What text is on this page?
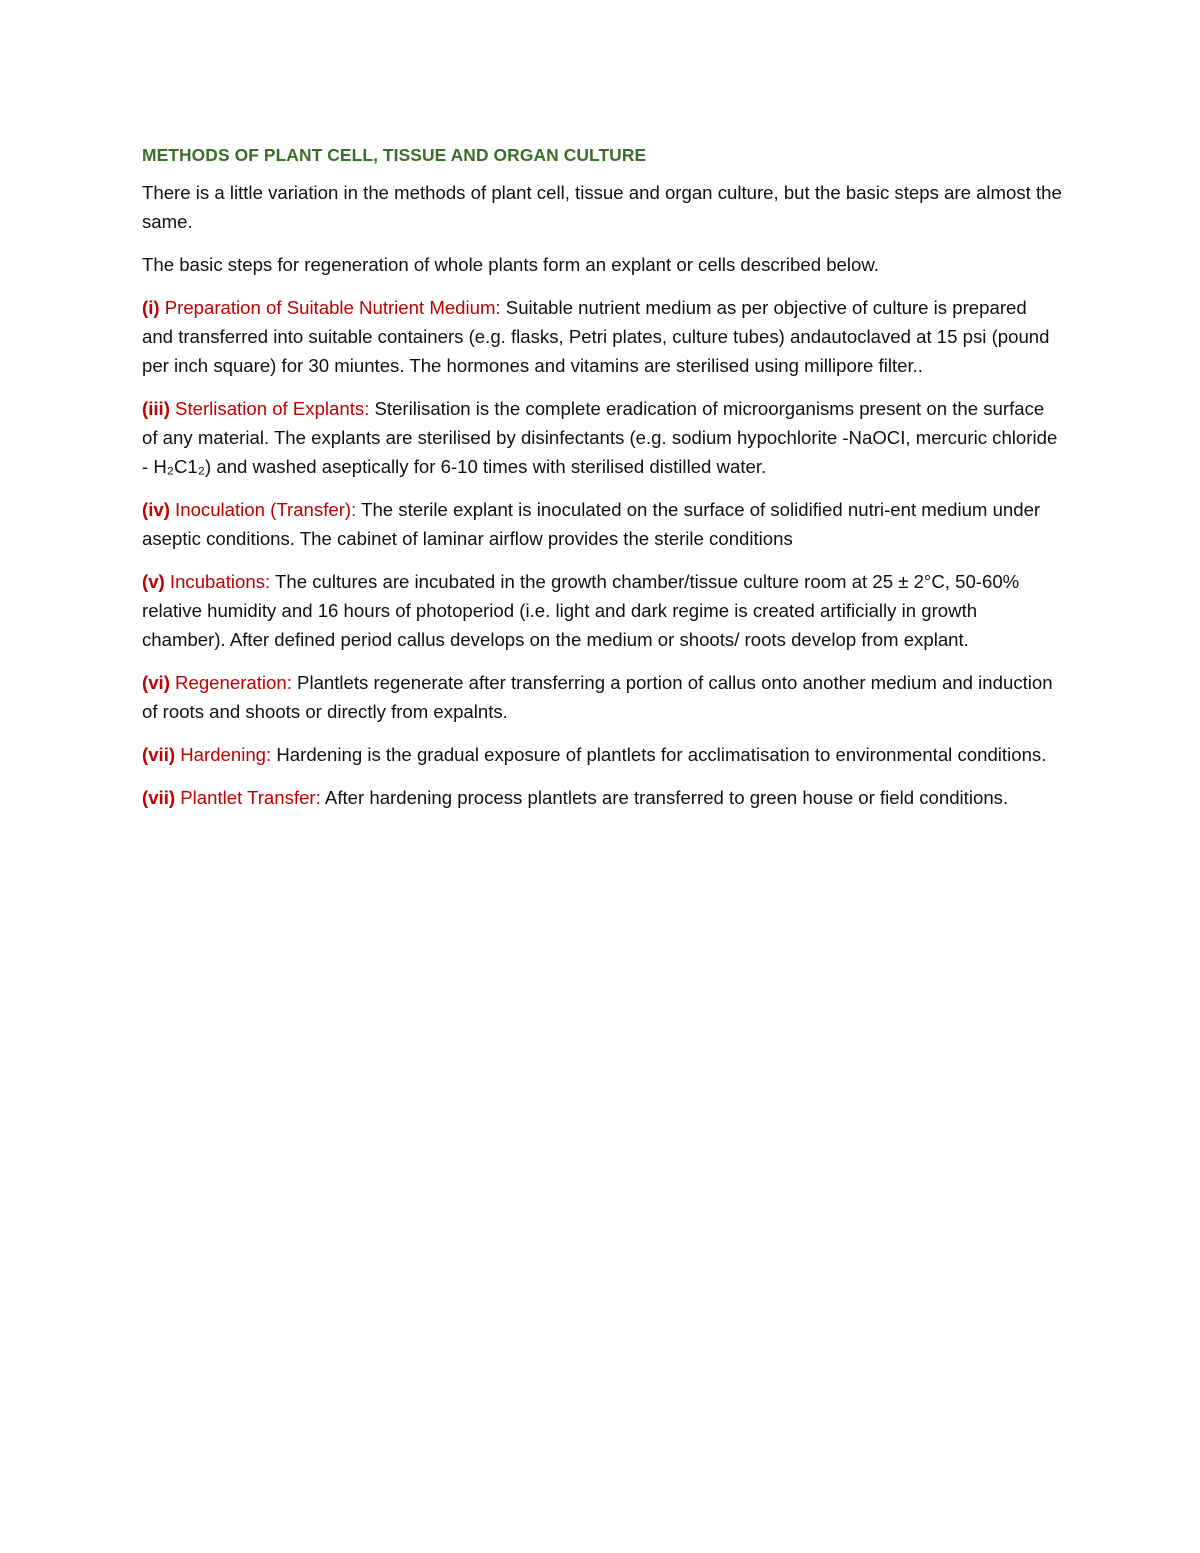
METHODS OF PLANT CELL, TISSUE AND ORGAN CULTURE

There is a little variation in the methods of plant cell, tissue and organ culture, but the basic steps are almost the same.

The basic steps for regeneration of whole plants form an explant or cells described below.

(i) Preparation of Suitable Nutrient Medium: Suitable nutrient medium as per objective of culture is prepared and transferred into suitable containers (e.g. flasks, Petri plates, culture tubes) andautoclaved at 15 psi (pound per inch square) for 30 miuntes. The hormones and vitamins are sterilised using millipore filter..

(iii) Sterlisation of Explants: Sterilisation is the complete eradication of microorganisms present on the surface of any material. The explants are sterilised by disinfectants (e.g. sodium hypochlorite -NaOCI, mercuric chloride - H₂C1₂) and washed aseptically for 6-10 times with sterilised distilled water.

(iv) Inoculation (Transfer): The sterile explant is inoculated on the surface of solidified nutri-ent medium under aseptic conditions. The cabinet of laminar airflow provides the sterile conditions

(v) Incubations: The cultures are incubated in the growth chamber/tissue culture room at 25 ± 2°C, 50-60% relative humidity and 16 hours of photoperiod (i.e. light and dark regime is created artificially in growth chamber). After defined period callus develops on the medium or shoots/ roots develop from explant.

(vi) Regeneration: Plantlets regenerate after transferring a portion of callus onto another medium and induction of roots and shoots or directly from expalnts.

(vii) Hardening: Hardening is the gradual exposure of plantlets for acclimatisation to environmental conditions.

(vii) Plantlet Transfer: After hardening process plantlets are transferred to green house or field conditions.
